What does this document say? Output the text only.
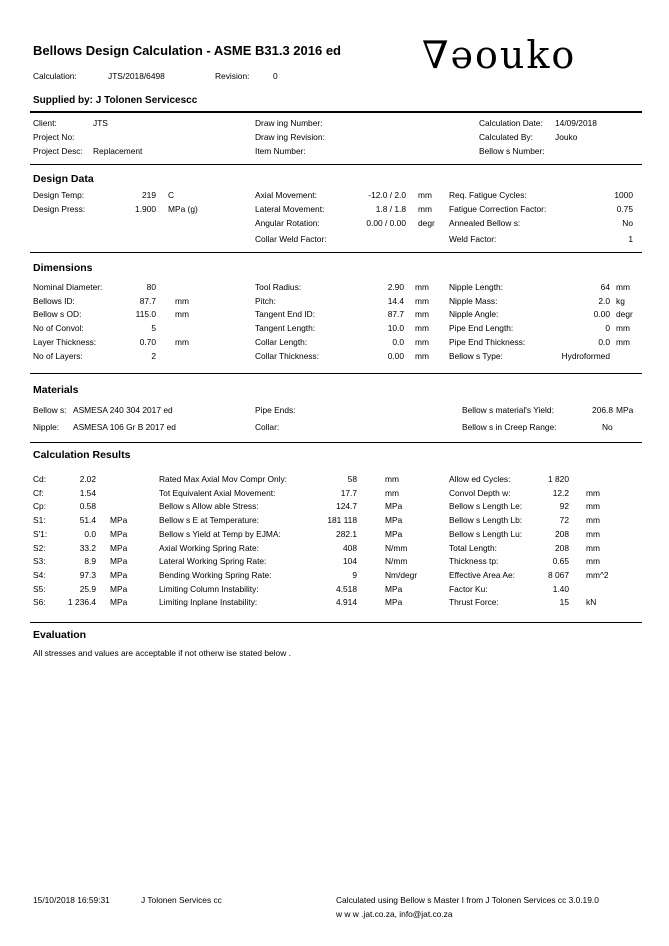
Bellows Design Calculation - ASME B31.3 2016 ed
Calculation:	JTS/2018/6498	Revision:	0	∇əouko
Supplied by: J Tolonen Servicescc
Client:	JTS
Project No:
Project Desc: Replacement
Draw ing Number:
Draw ing Revision:
Item Number:
Calculation Date: 14/09/2018
Calculated By:	Jouko
Bellow s Number:
Design Data
Design Temp:	219 C
Design Press:	1.900 MPa (g)
Axial Movement:	-12.0 / 2.0 mm
Lateral Movement:	1.8 / 1.8 mm
Angular Rotation:	0.00 / 0.00 degr
Collar Weld Factor:
Req. Fatigue Cycles:	1000
Fatigue Correction Factor:	0.75
Annealed Bellow s:	No
Weld Factor:	1
Dimensions
Nominal Diameter:	80
Bellows ID:	87.7 mm
Bellow s OD:	115.0 mm
No of Convol:	5
Layer Thickness:	0.70 mm
No of Layers:	2
Tool Radius:	2.90 mm
Pitch:	14.4 mm
Tangent End ID:	87.7 mm
Tangent Length:	10.0 mm
Collar Length:	0.0 mm
Collar Thickness:	0.00 mm
Nipple Length:	64 mm
Nipple Mass:	2.0 kg
Nipple Angle:	0.00 degr
Pipe End Length:	0 mm
Pipe End Thickness:	0.0 mm
Bellow s Type:	Hydroformed
Materials
Bellow s: ASMESA 240 304 2017 ed
Nipple: ASMESA 106 Gr B 2017 ed
Pipe Ends:
Collar:
Bellow s material's Yield:	206.8 MPa
Bellow s in Creep Range:	No
Calculation Results
Cd:	2.02
Cf:	1.54
Cp:	0.58
S1:	51.4 MPa
S'1:	0.0 MPa
S2:	33.2 MPa
S3:	8.9 MPa
S4:	97.3 MPa
S5:	25.9 MPa
S6:	1 236.4 MPa
Rated Max Axial Mov Compr Only:	58	mm
Tot Equivalent Axial Movement:	17.7	mm
Bellow s Allow able Stress:	124.7	MPa
Bellow s E at Temperature:	181 118	MPa
Bellow s Yield at Temp by EJMA:	282.1	MPa
Axial Working Spring Rate:	408	N/mm
Lateral Working Spring Rate:	104	N/mm
Bending Working Spring Rate:	9	Nm/degr
Limiting Column Instability:	4.518	MPa
Limiting Inplane Instability:	4.914	MPa
Allow ed Cycles:	1 820
Convol Depth w:	12.2 mm
Bellow s Length Le:	92 mm
Bellow s Length Lb:	72 mm
Bellow s Length Lu:	208 mm
Total Length:	208 mm
Thickness tp:	0.65 mm
Effective Area Ae:	8 067 mm^2
Factor Ku:	1.40
Thrust Force:	15 kN
Evaluation
All stresses and values are acceptable if not otherw ise stated below .
15/10/2018 16:59:31	J Tolonen Services cc	Calculated using Bellow s Master I from J Tolonen Services cc 3.0.19.0
w w w .jat.co.za, info@jat.co.za
